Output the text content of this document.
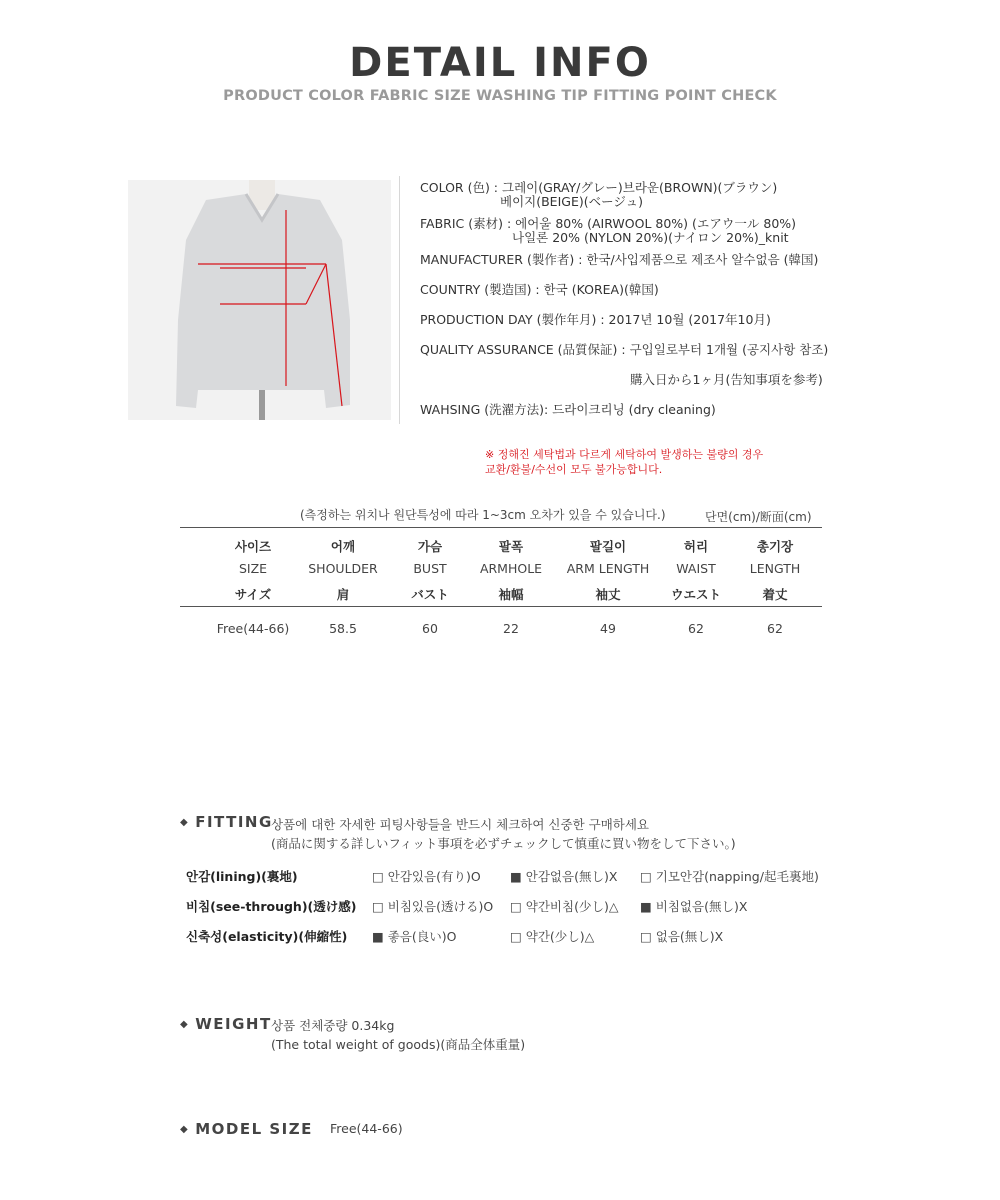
DETAIL INFO
PRODUCT COLOR FABRIC SIZE WASHING TIP FITTING POINT CHECK
COLOR (色) : 그레이(GRAY/グレー)브라운(BROWN)(ブラウン)
베이지(BEIGE)(ベージュ)
FABRIC (素材) : 에어울 80% (AIRWOOL 80%) (エアウ一ル 80%)
나일론 20% (NYLON 20%)(ナイロン 20%)_knit
MANUFACTURER (製作者) : 한국/사입제품으로 제조사 알수없음 (韓国)
COUNTRY (製造国) : 한국 (KOREA)(韓国)
PRODUCTION DAY (製作年月) : 2017년 10월 (2017年10月)
QUALITY ASSURANCE (品質保証) : 구입일로부터 1개월 (공지사항 참조)
購入日から1ヶ月(告知事項を参考)
WAHSING (洗濯方法): 드라이크리닝 (dry cleaning)
※ 정해진 세탁법과 다르게 세탁하여 발생하는 불량의 경우
교환/환불/수선이 모두 불가능합니다.
(측정하는 위치나 원단특성에 따라 1~3cm 오차가 있을 수 있습니다.)	단면(cm)/断面(cm)
사이즈	어깨	가슴	팔폭	팔길이	허리	총기장
SIZE	SHOULDER	BUST	ARMHOLE	ARM LENGTH	WAIST	LENGTH
サイズ	肩	バスト	袖幅	袖丈	ウエスト	着丈
Free(44-66)	58.5	60	22	49	62	62
◆ FITTING
상품에 대한 자세한 피팅사항들을 반드시 체크하여 신중한 구매하세요
(商品に関する詳しいフィット事項を必ずチェックして慎重に買い物をして下さい。)
안감(lining)(裏地)	□ 안감있음(有り)O ■ 안감없음(無し)X □ 기모안감(napping/起毛裏地)
비침(see-through)(透け感) □ 비침있음(透ける)O □ 약간비침(少し)△ ■ 비침없음(無し)X
신축성(elasticity)(伸縮性) ■ 좋음(良い)O	□ 약간(少し)△	□ 없음(無し)X
◆ WEIGHT 상품 전체중량 0.34kg
(The total weight of goods)(商品全体重量)
◆ MODEL SIZE Free(44-66)
